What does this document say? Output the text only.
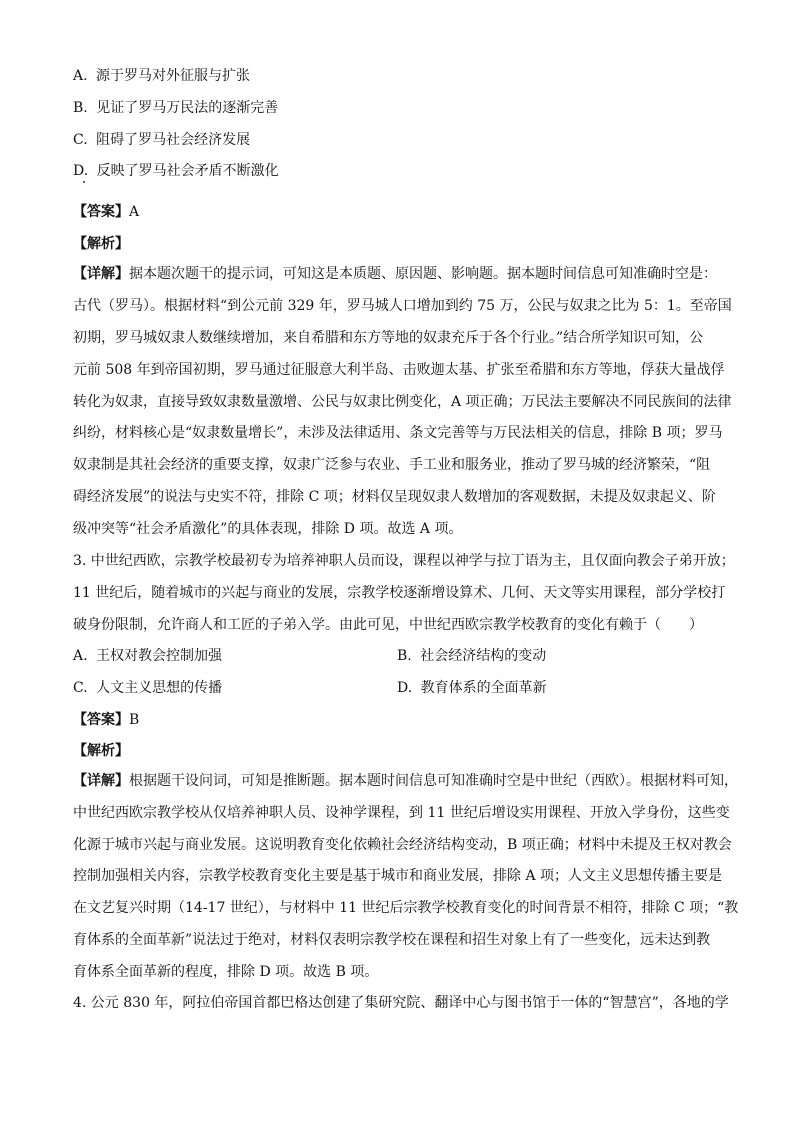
A. 源于罗马对外征服与扩张
B. 见证了罗马万民法的逐渐完善
C. 阻碍了罗马社会经济发展
D. 反映了罗马社会矛盾不断激化
【答案】A
【解析】
【详解】据本题次题干的提示词，可知这是本质题、原因题、影响题。据本题时间信息可知准确时空是：
古代（罗马）。根据材料“到公元前 329 年，罗马城人口增加到约 75 万，公民与奴隶之比为 5：1。至帝国
初期，罗马城奴隶人数继续增加，来自希腊和东方等地的奴隶充斥于各个行业。”结合所学知识可知，公
元前 508 年到帝国初期，罗马通过征服意大利半岛、击败迦太基、扩张至希腊和东方等地，俘获大量战俘
转化为奴隶，直接导致奴隶数量激增、公民与奴隶比例变化，A 项正确；万民法主要解决不同民族间的法律
纠纷，材料核心是“奴隶数量增长”，未涉及法律适用、条文完善等与万民法相关的信息，排除 B 项；罗马
奴隶制是其社会经济的重要支撑，奴隶广泛参与农业、手工业和服务业，推动了罗马城的经济繁荣，“阻
碍经济发展”的说法与史实不符，排除 C 项；材料仅呈现奴隶人数增加的客观数据，未提及奴隶起义、阶
级冲突等“社会矛盾激化”的具体表现，排除 D 项。故选 A 项。
3. 中世纪西欧，宗教学校最初专为培养神职人员而设，课程以神学与拉丁语为主，且仅面向教会子弟开放；
11 世纪后，随着城市的兴起与商业的发展，宗教学校逐渐增设算术、几何、天文等实用课程，部分学校打
破身份限制，允许商人和工匠的子弟入学。由此可见，中世纪西欧宗教学校教育的变化有赖于（　　）
A. 王权对教会控制加强	B. 社会经济结构的变动
C. 人文主义思想的传播	D. 教育体系的全面革新
【答案】B
【解析】
【详解】根据题干设问词，可知是推断题。据本题时间信息可知准确时空是中世纪（西欧）。根据材料可知，
中世纪西欧宗教学校从仅培养神职人员、设神学课程，到 11 世纪后增设实用课程、开放入学身份，这些变
化源于城市兴起与商业发展。这说明教育变化依赖社会经济结构变动，B 项正确；材料中未提及王权对教会
控制加强相关内容，宗教学校教育变化主要是基于城市和商业发展，排除 A 项；人文主义思想传播主要是
在文艺复兴时期（14-17 世纪），与材料中 11 世纪后宗教学校教育变化的时间背景不相符，排除 C 项；“教
育体系的全面革新”说法过于绝对，材料仅表明宗教学校在课程和招生对象上有了一些变化，远未达到教
育体系全面革新的程度，排除 D 项。故选 B 项。
4. 公元 830 年，阿拉伯帝国首都巴格达创建了集研究院、翻译中心与图书馆于一体的“智慧宫”，各地的学
